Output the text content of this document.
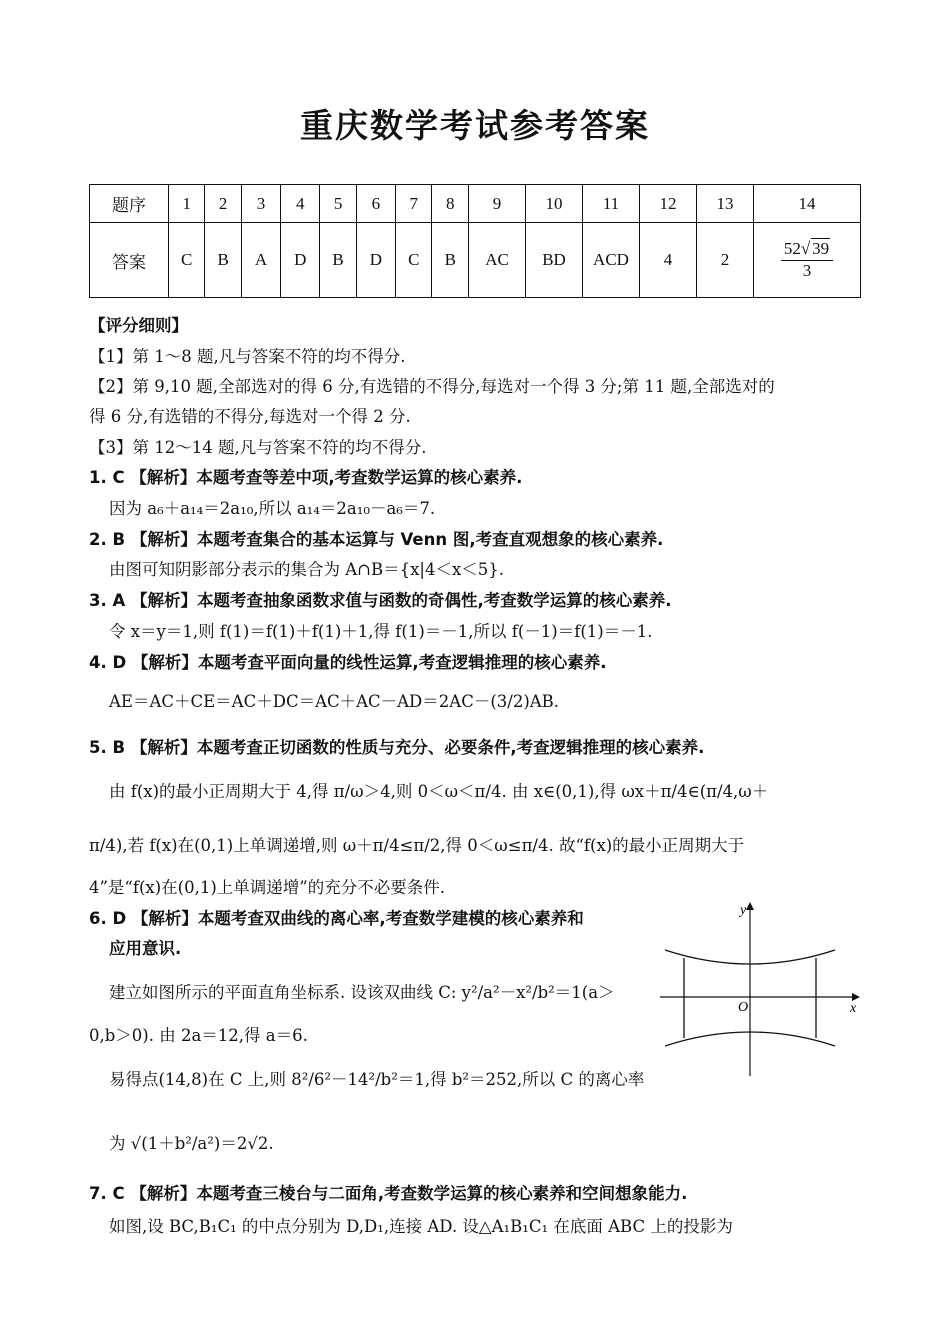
重庆数学考试参考答案
题序	1	2	3	4	5	6	7	8	9	10	11	12	13	14
答案	C	B	A	D	B	D	C	B	AC	BD	ACD	4	2	$\frac{52√ 39}{3}$
【评分细则】
【1】第 1～8 题,凡与答案不符的均不得分.
【2】第 9,10 题,全部选对的得 6 分,有选错的不得分,每选对一个得 3 分;第 11 题,全部选对的
得 6 分,有选错的不得分,每选对一个得 2 分.
【3】第 12～14 题,凡与答案不符的均不得分.
1. C 【解析】本题考查等差中项,考查数学运算的核心素养.
因为 a₆＋a₁₄＝2a₁₀,所以 a₁₄＝2a₁₀－a₆＝7.
2. B 【解析】本题考查集合的基本运算与 Venn 图,考查直观想象的核心素养.
由图可知阴影部分表示的集合为 A∩B＝{x|4＜x＜5}.
3. A 【解析】本题考查抽象函数求值与函数的奇偶性,考查数学运算的核心素养.
令 x＝y＝1,则 f(1)＝f(1)＋f(1)＋1,得 f(1)＝－1,所以 f(－1)＝f(1)＝－1.
4. D 【解析】本题考查平面向量的线性运算,考查逻辑推理的核心素养.
AE＝AC＋CE＝AC＋DC＝AC＋AC－AD＝2AC－(3/2)AB.
5. B 【解析】本题考查正切函数的性质与充分、必要条件,考查逻辑推理的核心素养.
由 f(x)的最小正周期大于 4,得 π/ω＞4,则 0＜ω＜π/4. 由 x∈(0,1),得 ωx＋π/4∈(π/4,ω＋
π/4),若 f(x)在(0,1)上单调递增,则 ω＋π/4≤π/2,得 0＜ω≤π/4. 故“f(x)的最小正周期大于
4”是“f(x)在(0,1)上单调递增”的充分不必要条件.
6. D 【解析】本题考查双曲线的离心率,考查数学建模的核心素养和
应用意识.
建立如图所示的平面直角坐标系. 设该双曲线 C: y²/a²－x²/b²＝1(a＞
0,b＞0). 由 2a＝12,得 a＝6.
易得点(14,8)在 C 上,则 8²/6²－14²/b²＝1,得 b²＝252,所以 C 的离心率
为 √(1＋b²/a²)＝2√2.
7. C 【解析】本题考查三棱台与二面角,考查数学运算的核心素养和空间想象能力.
如图,设 BC,B₁C₁ 的中点分别为 D,D₁,连接 AD. 设△A₁B₁C₁ 在底面 ABC 上的投影为
y
x
O
